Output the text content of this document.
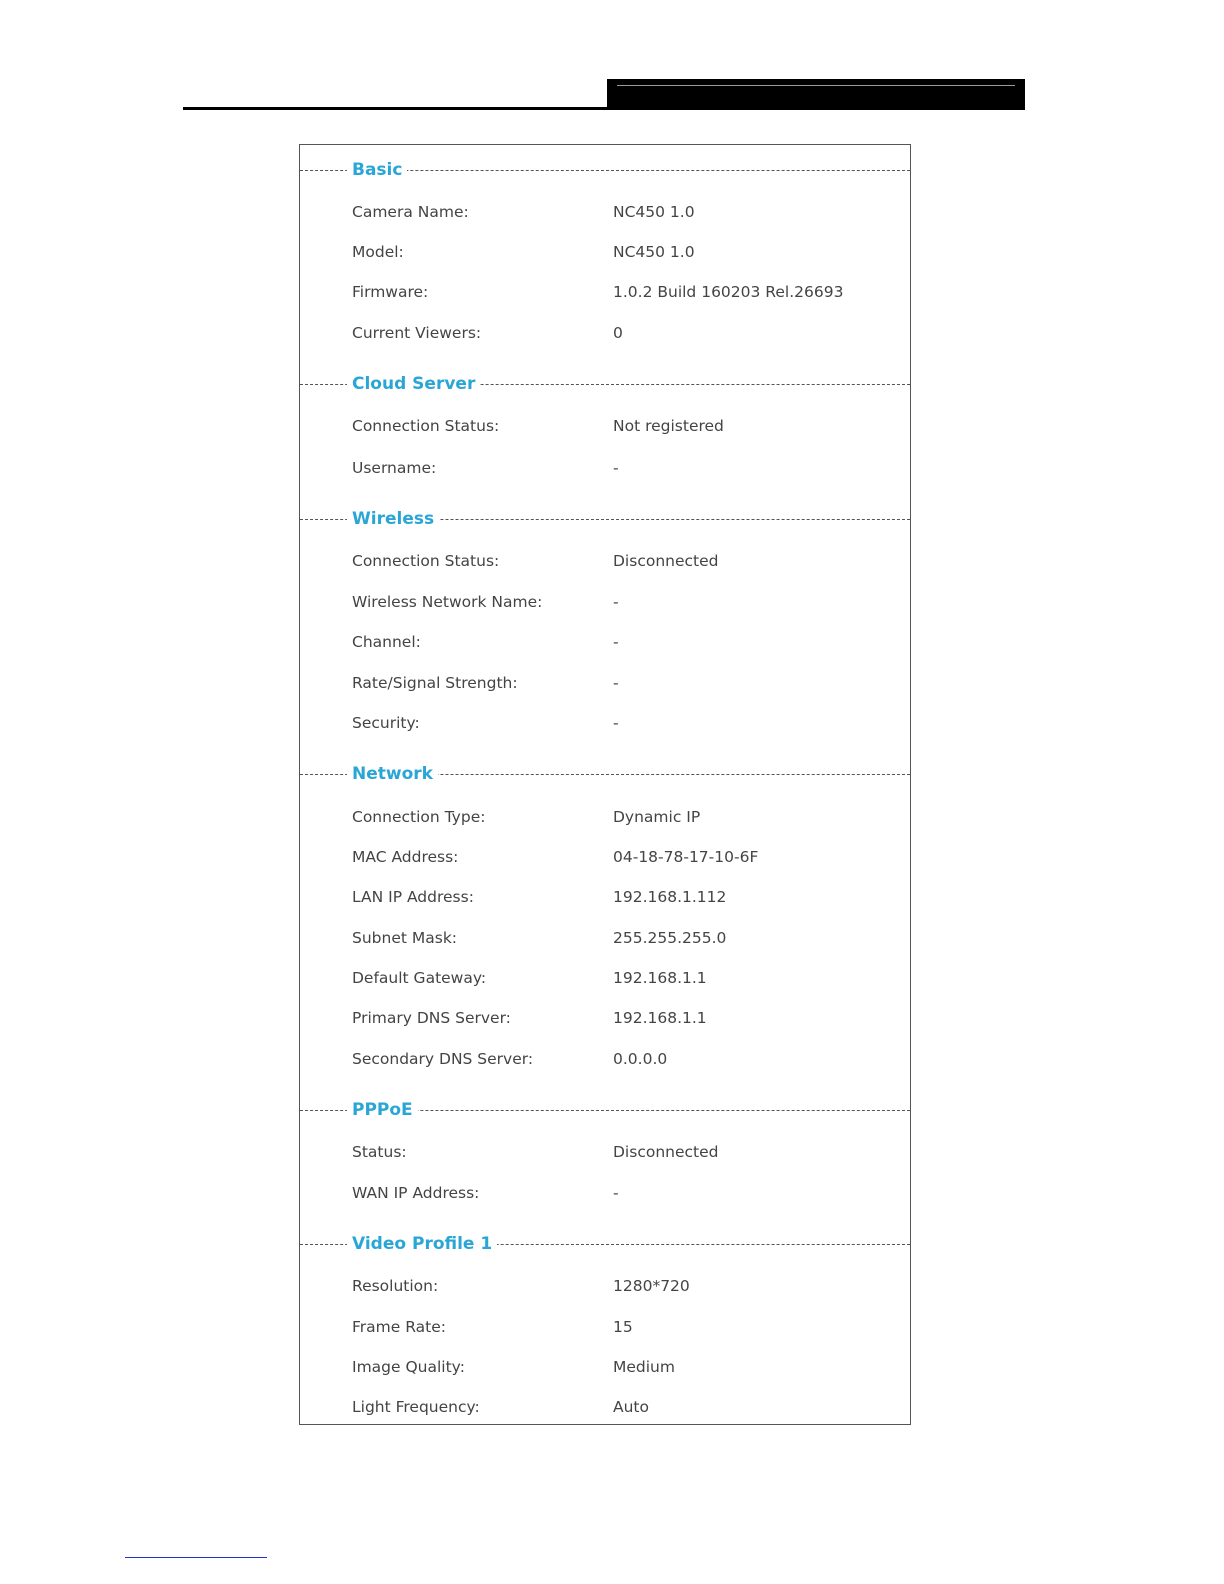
Basic
Camera Name:	NC450 1.0
Model:	NC450 1.0
Firmware:	1.0.2 Build 160203 Rel.26693
Current Viewers:	0
Cloud Server
Connection Status:	Not registered
Username:	-
Wireless
Connection Status:	Disconnected
Wireless Network Name:	-
Channel:	-
Rate/Signal Strength:	-
Security:	-
Network
Connection Type:	Dynamic IP
MAC Address:	04-18-78-17-10-6F
LAN IP Address:	192.168.1.112
Subnet Mask:	255.255.255.0
Default Gateway:	192.168.1.1
Primary DNS Server:	192.168.1.1
Secondary DNS Server:	0.0.0.0
PPPoE
Status:	Disconnected
WAN IP Address:	-
Video Profile 1
Resolution:	1280*720
Frame Rate:	15
Image Quality:	Medium
Light Frequency:	Auto
